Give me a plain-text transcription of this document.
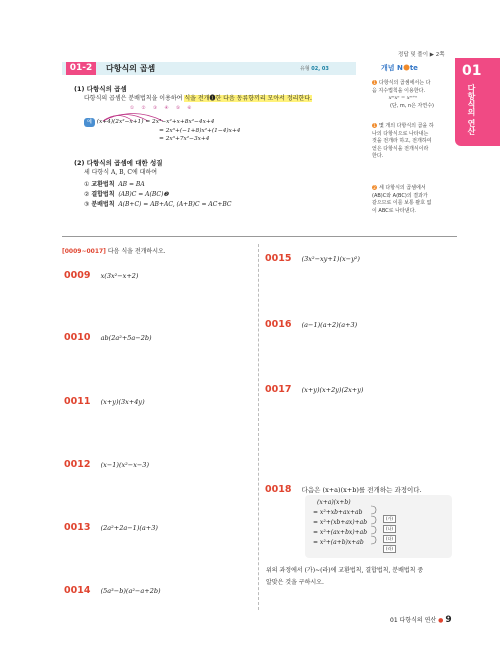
정답 및 풀이 ▶ 2쪽
01
다항식의 연산
01-2	다항식의 곱셈	유형 02, 03
(1) 다항식의 곱셈
다항식의 곱셈은 분배법칙을 이용하여 식을 전개❶한 다음 동류항끼리 모아서 정리한다.
① ② ③ ④ ⑤ ⑥
예 (x+4)(2x²−x+1) = 2x³−x²+x+8x²−4x+4
= 2x³+(−1+8)x²+(1−4)x+4
= 2x³+7x²−3x+4
(2) 다항식의 곱셈에 대한 성질
세 다항식 A, B, C에 대하여
① 교환법칙 AB = BA
② 결합법칙 (AB)C = A(BC)❷
③ 분배법칙 A(B+C) = AB+AC, (A+B)C = AC+BC
개념 N te
1 다항식의 곱셈에서는 다음 지수법칙을 이용한다.
xᵐxⁿ = xᵐ⁺ⁿ
(단, m, n은 자연수)
1 몇 개의 다항식의 곱을 하나의 다항식으로 나타내는 것을 전개라 하고, 전개하여 얻은 다항식을 전개식이라 한다.
2 세 다항식의 곱셈에서 (AB)C와 A(BC)의 결과가 같으므로 이를 보통 괄호 없이 ABC로 나타낸다.
[0009~0017] 다음 식을 전개하시오.
0009 x(3x²−x+2)
0010 ab(2a²+5a−2b)
0011 (x+y)(3x+4y)
0012 (x−1)(x²−x−3)
0013 (2a²+2a−1)(a+3)
0014 (5a³−b)(a²−a+2b)
0015 (3x²−xy+1)(x−y²)
0016 (a−1)(a+2)(a+3)
0017 (x+y)(x+2y)(2x+y)
0018 다음은 (x+a)(x+b)를 전개하는 과정이다.
(x+a)(x+b)
= x²+xb+ax+ab
= x²+(xb+ax)+ab
= x²+(ax+bx)+ab
= x²+(a+b)x+ab
(가)
(나)
(다)
(라)
위의 과정에서 (가)~(라)에 교환법칙, 결합법칙, 분배법칙 중
알맞은 것을 구하시오.
01 다항식의 연산 ● 9
